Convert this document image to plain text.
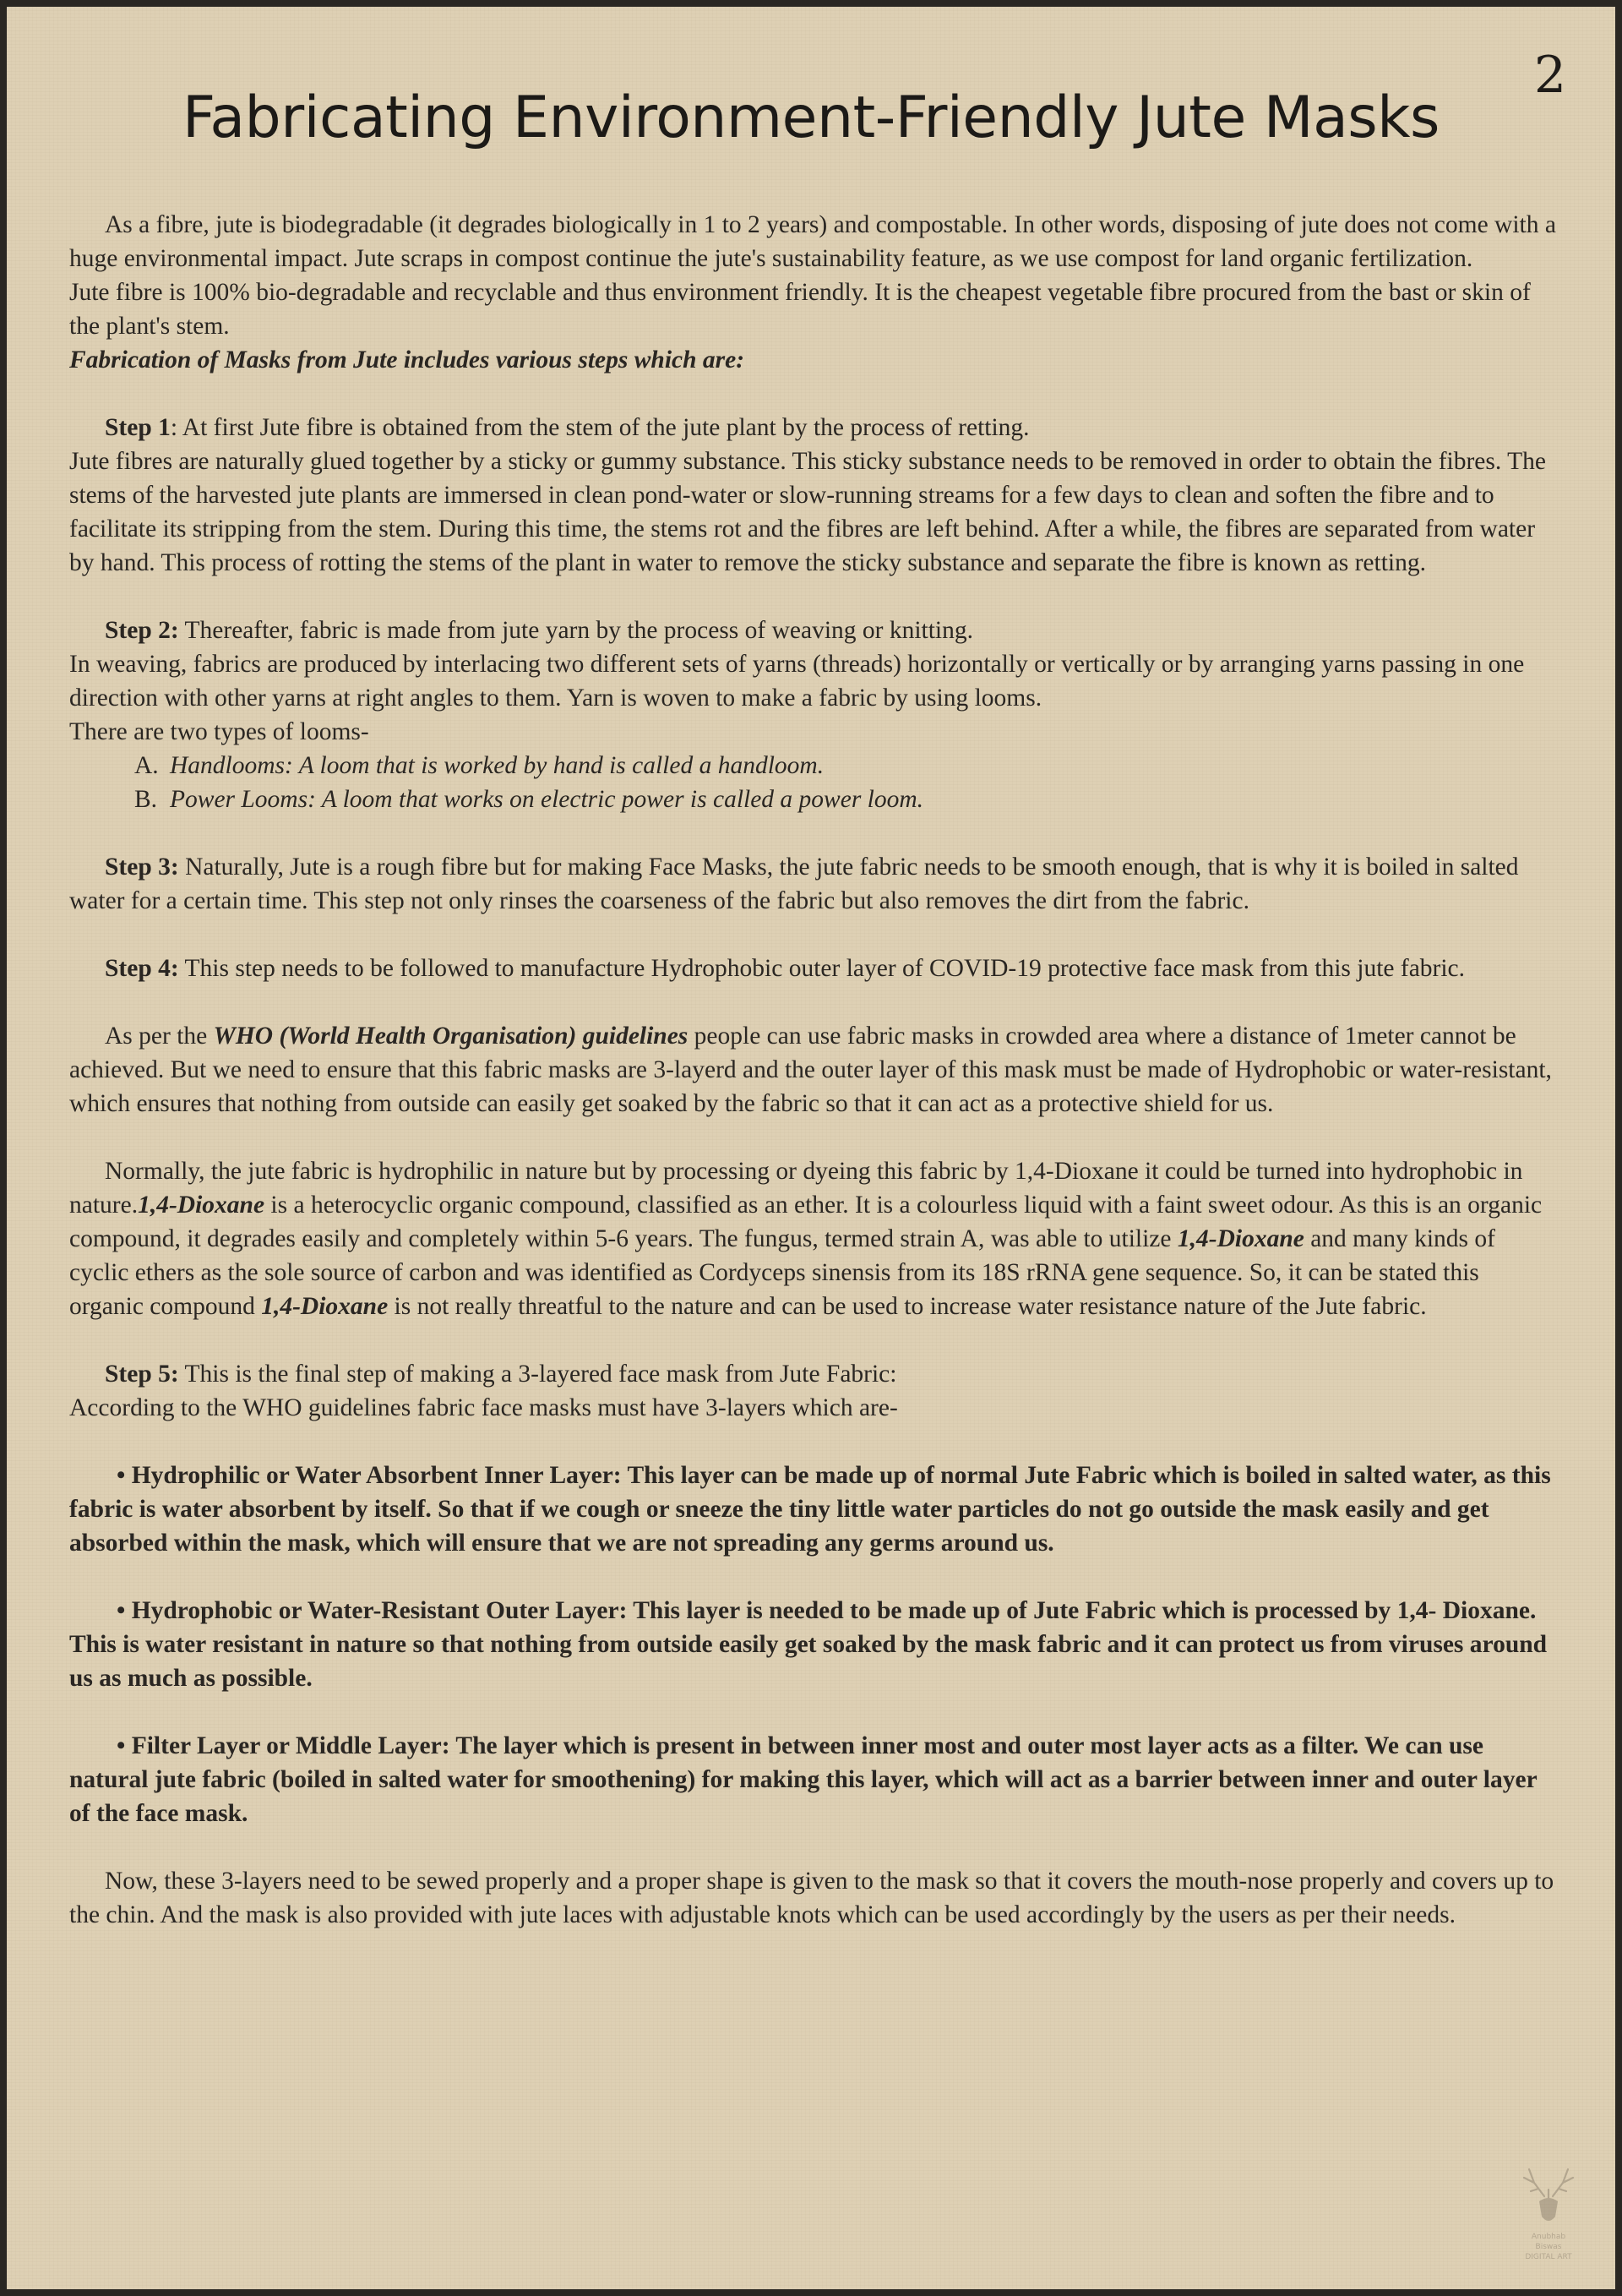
2
Fabricating Environment-Friendly Jute Masks

As a fibre, jute is biodegradable (it degrades biologically in 1 to 2 years) and compostable. In other words, disposing of jute does not come with a huge environmental impact. Jute scraps in compost continue the jute's sustainability feature, as we use compost for land organic fertilization.

Jute fibre is 100% bio-degradable and recyclable and thus environment friendly. It is the cheapest vegetable fibre procured from the bast or skin of the plant's stem.

Fabrication of Masks from Jute includes various steps which are:

Step 1: At first Jute fibre is obtained from the stem of the jute plant by the process of retting.

Jute fibres are naturally glued together by a sticky or gummy substance. This sticky substance needs to be removed in order to obtain the fibres. The stems of the harvested jute plants are immersed in clean pond-water or slow-running streams for a few days to clean and soften the fibre and to facilitate its stripping from the stem. During this time, the stems rot and the fibres are left behind. After a while, the fibres are separated from water by hand. This process of rotting the stems of the plant in water to remove the sticky substance and separate the fibre is known as retting.

Step 2: Thereafter, fabric is made from jute yarn by the process of weaving or knitting.

In weaving, fabrics are produced by interlacing two different sets of yarns (threads) horizontally or vertically or by arranging yarns passing in one direction with other yarns at right angles to them. Yarn is woven to make a fabric by using looms.

There are two types of looms-

A. Handlooms: A loom that is worked by hand is called a handloom.
B. Power Looms: A loom that works on electric power is called a power loom.

Step 3: Naturally, Jute is a rough fibre but for making Face Masks, the jute fabric needs to be smooth enough, that is why it is boiled in salted water for a certain time. This step not only rinses the coarseness of the fabric but also removes the dirt from the fabric.

Step 4: This step needs to be followed to manufacture Hydrophobic outer layer of COVID-19 protective face mask from this jute fabric.

As per the WHO (World Health Organisation) guidelines people can use fabric masks in crowded area where a distance of 1meter cannot be achieved. But we need to ensure that this fabric masks are 3-layerd and the outer layer of this mask must be made of Hydrophobic or water-resistant, which ensures that nothing from outside can easily get soaked by the fabric so that it can act as a protective shield for us.

Normally, the jute fabric is hydrophilic in nature but by processing or dyeing this fabric by 1,4-Dioxane it could be turned into hydrophobic in nature.1,4-Dioxane is a heterocyclic organic compound, classified as an ether. It is a colourless liquid with a faint sweet odour. As this is an organic compound, it degrades easily and completely within 5-6 years. The fungus, termed strain A, was able to utilize 1,4-Dioxane and many kinds of cyclic ethers as the sole source of carbon and was identified as Cordyceps sinensis from its 18S rRNA gene sequence. So, it can be stated this organic compound 1,4-Dioxane is not really threatful to the nature and can be used to increase water resistance nature of the Jute fabric.

Step 5: This is the final step of making a 3-layered face mask from Jute Fabric:

According to the WHO guidelines fabric face masks must have 3-layers which are-

• Hydrophilic or Water Absorbent Inner Layer: This layer can be made up of normal Jute Fabric which is boiled in salted water, as this fabric is water absorbent by itself. So that if we cough or sneeze the tiny little water particles do not go outside the mask easily and get absorbed within the mask, which will ensure that we are not spreading any germs around us.

• Hydrophobic or Water-Resistant Outer Layer: This layer is needed to be made up of Jute Fabric which is processed by 1,4- Dioxane. This is water resistant in nature so that nothing from outside easily get soaked by the mask fabric and it can protect us from viruses around us as much as possible.

• Filter Layer or Middle Layer: The layer which is present in between inner most and outer most layer acts as a filter. We can use natural jute fabric (boiled in salted water for smoothening) for making this layer, which will act as a barrier between inner and outer layer of the face mask.

Now, these 3-layers need to be sewed properly and a proper shape is given to the mask so that it covers the mouth-nose properly and covers up to the chin. And the mask is also provided with jute laces with adjustable knots which can be used accordingly by the users as per their needs.

Anubhab
Biswas
DIGITAL ART
